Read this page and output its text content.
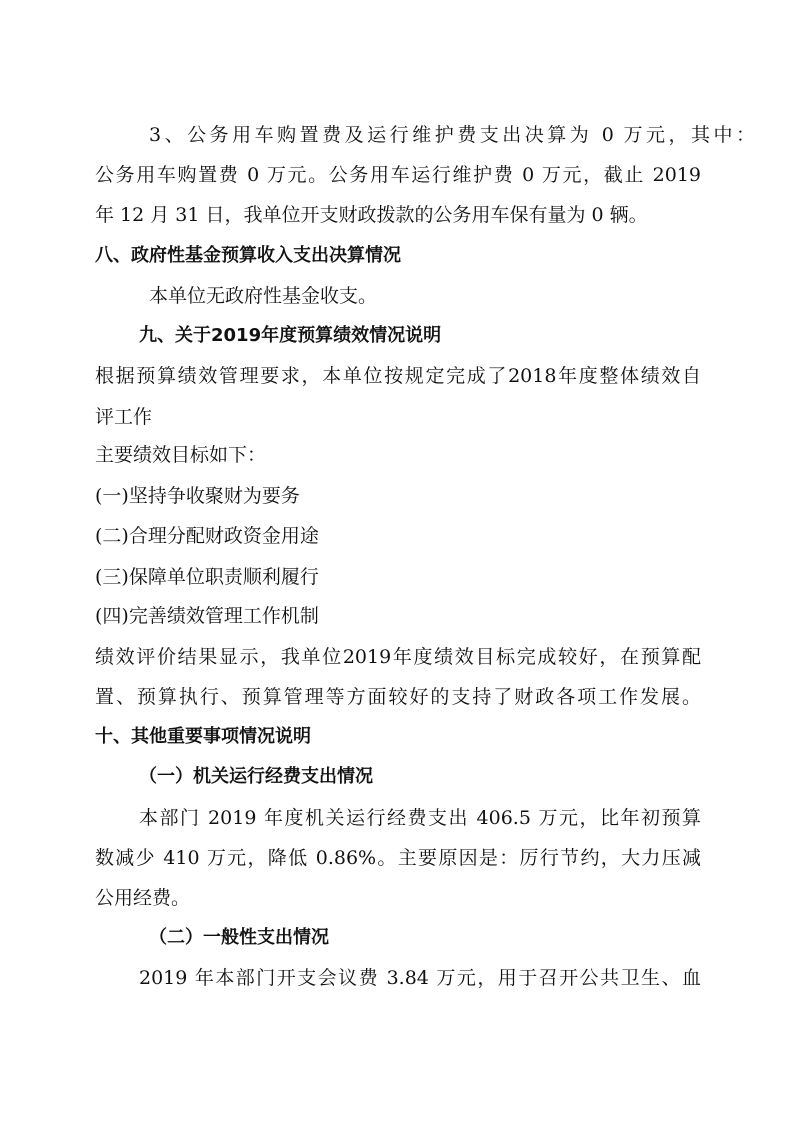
3、公务用车购置费及运行维护费支出决算为 0 万元，其中：
公务用车购置费 0 万元。公务用车运行维护费 0 万元，截止 2019
年 12 月 31 日，我单位开支财政拨款的公务用车保有量为 0 辆。
八、政府性基金预算收入支出决算情况
本单位无政府性基金收支。
九、关于2019年度预算绩效情况说明
根据预算绩效管理要求，本单位按规定完成了2018年度整体绩效自
评工作
主要绩效目标如下：
(一)坚持争收聚财为要务
(二)合理分配财政资金用途
(三)保障单位职责顺利履行
(四)完善绩效管理工作机制
绩效评价结果显示，我单位2019年度绩效目标完成较好，在预算配
置、预算执行、预算管理等方面较好的支持了财政各项工作发展。
十、其他重要事项情况说明
（一）机关运行经费支出情况
本部门 2019 年度机关运行经费支出 406.5 万元，比年初预算
数减少 410 万元，降低 0.86%。主要原因是：厉行节约，大力压减
公用经费。
（二）一般性支出情况
2019 年本部门开支会议费 3.84 万元，用于召开公共卫生、血
